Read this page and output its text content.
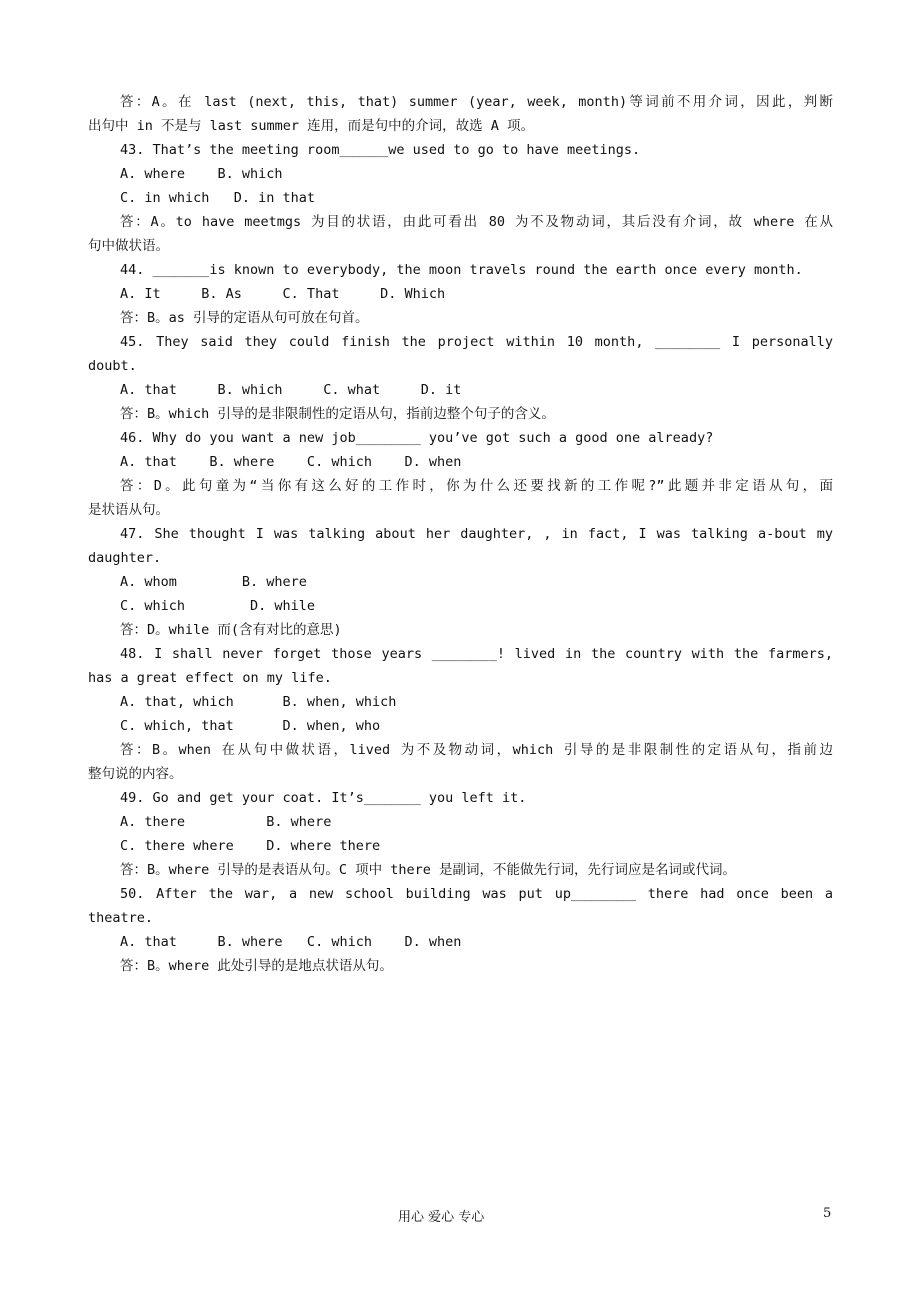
答：A。在 last (next, this, that) summer (year, week, month)等词前不用介词，因此，判断
出句中 in 不是与 last summer 连用，而是句中的介词，故选 A 项。
43. That’s the meeting room______we used to go to have meetings.
A. where    B. which
C. in which   D. in that
答：A。to have meetmgs 为目的状语，由此可看出 80 为不及物动词，其后没有介词，故 where 在从
句中做状语。
44. _______is known to everybody, the moon travels round the earth once every month.
A. It     B. As     C. That     D. Which
答：B。as 引导的定语从句可放在句首。
45. They said they could finish the project within 10 month, ________ I personally
doubt.
A. that     B. which     C. what     D. it
答：B。which 引导的是非限制性的定语从句，指前边整个句子的含义。
46. Why do you want a new job________ you’ve got such a good one already?
A. that    B. where    C. which    D. when
答：D。此句童为“当你有这么好的工作时，你为什么还要找新的工作呢?”此题并非定语从句，面
是状语从句。
47. She thought I was talking about her daughter, , in fact, I was talking a-bout my
daughter.
A. whom        B. where
C. which        D. while
答：D。while 而(含有对比的意思)
48. I shall never forget those years ________! lived in the country with the farmers,
has a great effect on my life.
A. that, which      B. when, which
C. which, that      D. when, who
答：B。when 在从句中做状语，lived 为不及物动词，which 引导的是非限制性的定语从句，指前边
整句说的内容。
49. Go and get your coat. It’s_______ you left it.
A. there          B. where
C. there where    D. where there
答：B。where 引导的是表语从句。C 项中 there 是副词，不能做先行词，先行词应是名词或代词。
50. After the war, a new school building was put up________ there had once been a
theatre.
A. that     B. where   C. which    D. when
答：B。where 此处引导的是地点状语从句。
用心 爱心 专心	5
